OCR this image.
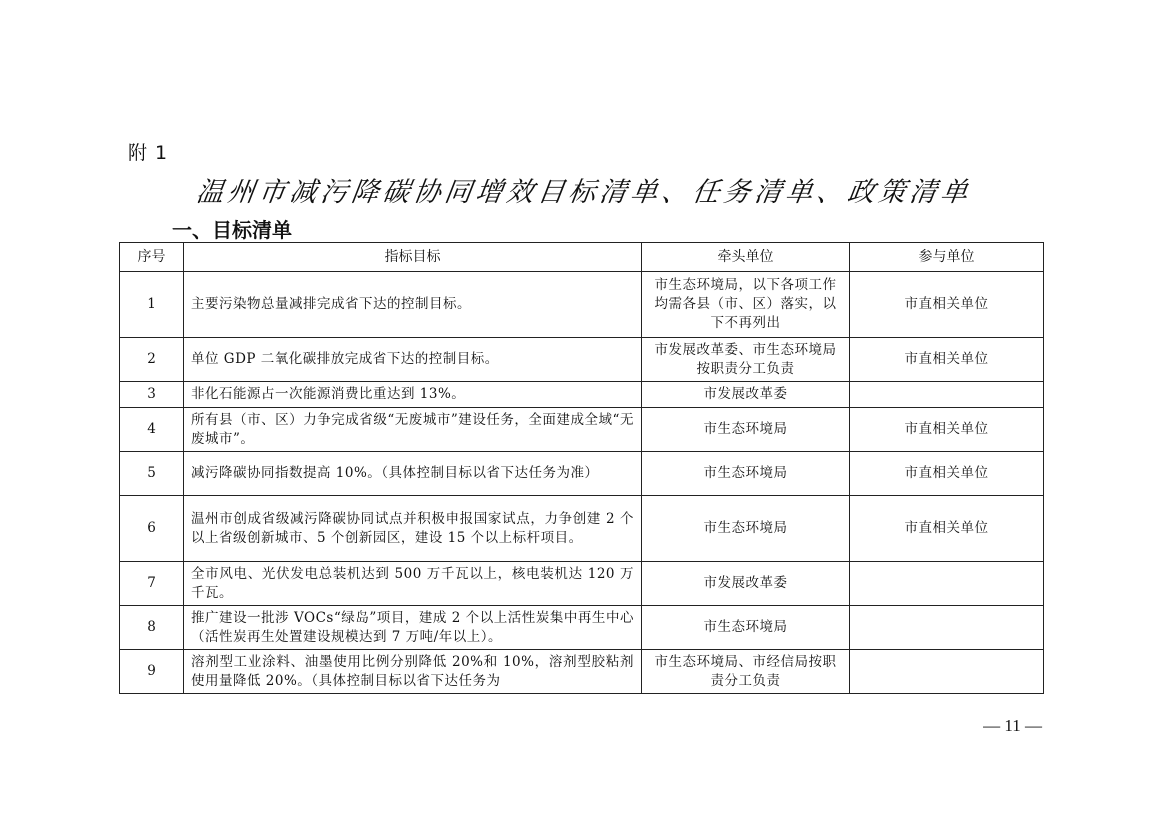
附 1
温州市减污降碳协同增效目标清单、任务清单、政策清单
一、目标清单
序号	指标目标	牵头单位	参与单位
1	主要污染物总量减排完成省下达的控制目标。	市生态环境局，以下各项工作均需各县（市、区）落实，以下不再列出	市直相关单位
2	单位 GDP 二氧化碳排放完成省下达的控制目标。	市发展改革委、市生态环境局按职责分工负责	市直相关单位
3	非化石能源占一次能源消费比重达到 13%。	市发展改革委	
4	所有县（市、区）力争完成省级“无废城市”建设任务，全面建成全域“无废城市”。	市生态环境局	市直相关单位
5	减污降碳协同指数提高 10%。（具体控制目标以省下达任务为准）	市生态环境局	市直相关单位
6	温州市创成省级减污降碳协同试点并积极申报国家试点，力争创建 2 个以上省级创新城市、5 个创新园区，建设 15 个以上标杆项目。	市生态环境局	市直相关单位
7	全市风电、光伏发电总装机达到 500 万千瓦以上，核电装机达 120 万千瓦。	市发展改革委	
8	推广建设一批涉 VOCs“绿岛”项目，建成 2 个以上活性炭集中再生中心（活性炭再生处置建设规模达到 7 万吨/年以上）。	市生态环境局	
9	溶剂型工业涂料、油墨使用比例分别降低 20%和 10%，溶剂型胶粘剂使用量降低 20%。（具体控制目标以省下达任务为	市生态环境局、市经信局按职责分工负责	
— 11 —
